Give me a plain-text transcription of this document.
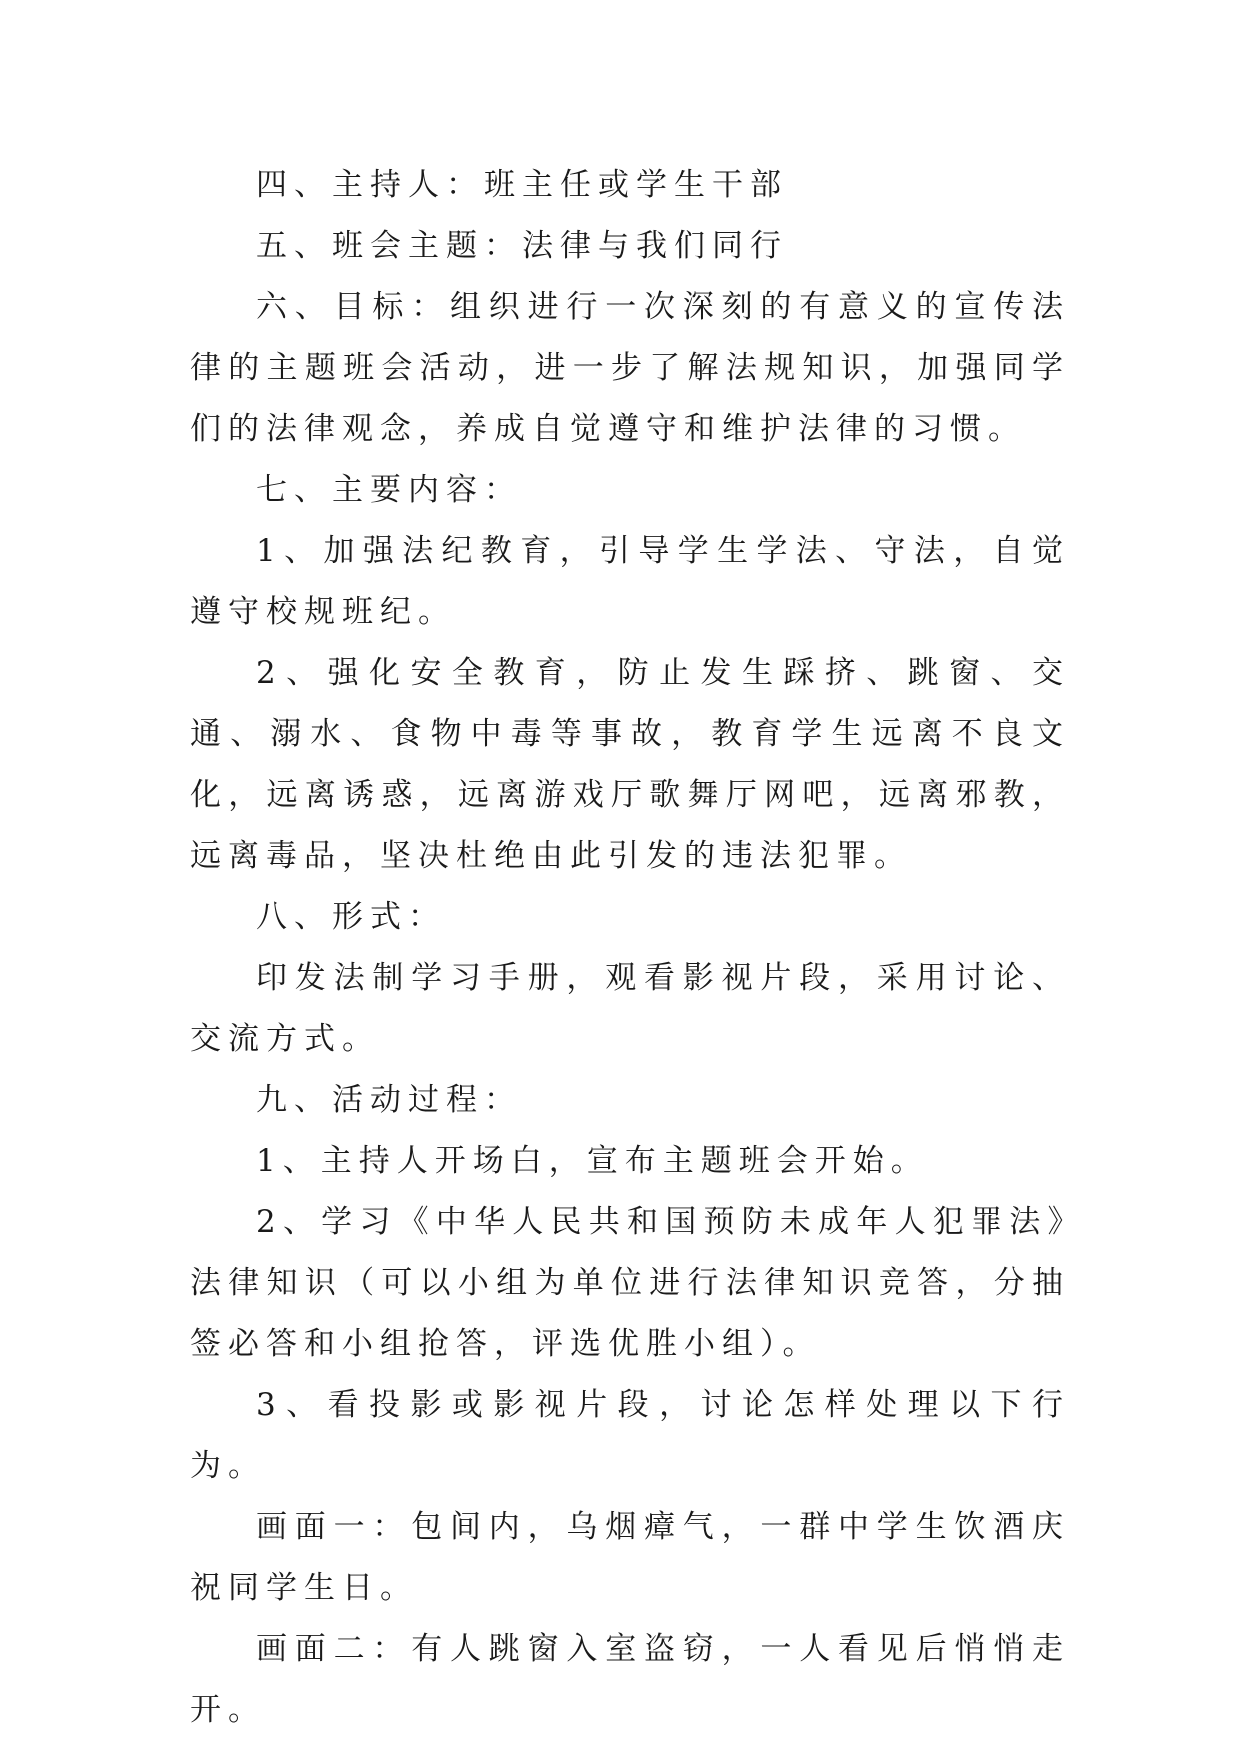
四、主持人：班主任或学生干部

五、班会主题：法律与我们同行

六、目标：组织进行一次深刻的有意义的宣传法律的主题班会活动，进一步了解法规知识，加强同学们的法律观念，养成自觉遵守和维护法律的习惯。

七、主要内容：

1、加强法纪教育，引导学生学法、守法，自觉遵守校规班纪。

2、强化安全教育，防止发生踩挤、跳窗、交通、溺水、食物中毒等事故，教育学生远离不良文化，远离诱惑，远离游戏厅歌舞厅网吧，远离邪教，远离毒品，坚决杜绝由此引发的违法犯罪。

八、形式：

印发法制学习手册，观看影视片段，采用讨论、交流方式。

九、活动过程：

1、主持人开场白，宣布主题班会开始。

2、学习《中华人民共和国预防未成年人犯罪法》法律知识（可以小组为单位进行法律知识竞答，分抽签必答和小组抢答，评选优胜小组）。

3、看投影或影视片段，讨论怎样处理以下行为。

画面一：包间内，乌烟瘴气，一群中学生饮酒庆祝同学生日。

画面二：有人跳窗入室盗窃，一人看见后悄悄走开。
